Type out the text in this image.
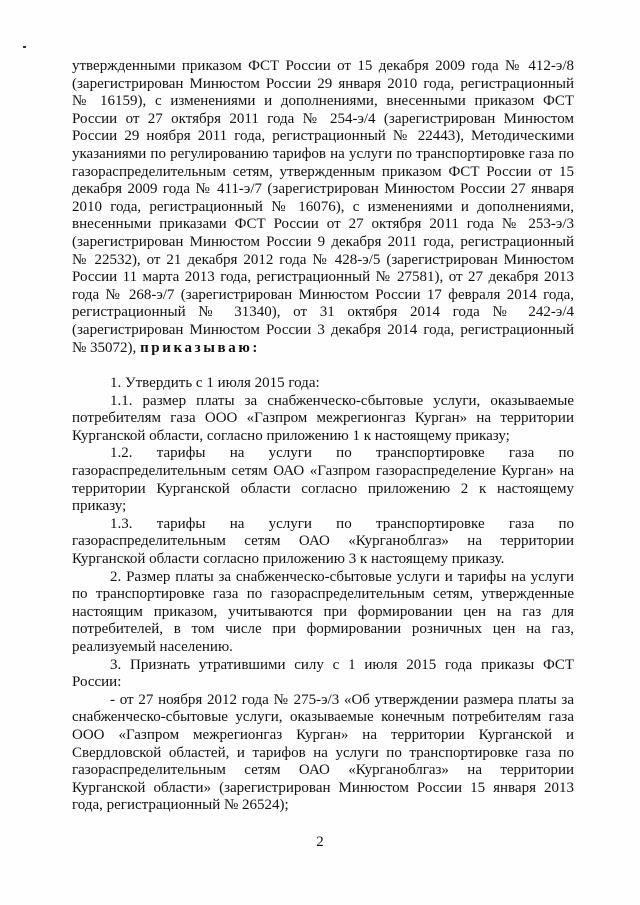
утвержденными приказом ФСТ России от 15 декабря 2009 года № 412-э/8 (зарегистрирован Минюстом России 29 января 2010 года, регистрационный № 16159), с изменениями и дополнениями, внесенными приказом ФСТ России от 27 октября 2011 года № 254-э/4 (зарегистрирован Минюстом России 29 ноября 2011 года, регистрационный № 22443), Методическими указаниями по регулированию тарифов на услуги по транспортировке газа по газораспределительным сетям, утвержденным приказом ФСТ России от 15 декабря 2009 года № 411-э/7 (зарегистрирован Минюстом России 27 января 2010 года, регистрационный № 16076), с изменениями и дополнениями, внесенными приказами ФСТ России от 27 октября 2011 года № 253-э/3 (зарегистрирован Минюстом России 9 декабря 2011 года, регистрационный № 22532), от 21 декабря 2012 года № 428-э/5 (зарегистрирован Минюстом России 11 марта 2013 года, регистрационный № 27581), от 27 декабря 2013 года № 268-э/7 (зарегистрирован Минюстом России 17 февраля 2014 года, регистрационный № 31340), от 31 октября 2014 года № 242-э/4 (зарегистрирован Минюстом России 3 декабря 2014 года, регистрационный № 35072), приказываю:

1. Утвердить с 1 июля 2015 года:

1.1. размер платы за снабженческо-сбытовые услуги, оказываемые потребителям газа ООО «Газпром межрегионгаз Курган» на территории Курганской области, согласно приложению 1 к настоящему приказу;

1.2. тарифы на услуги по транспортировке газа по газораспределительным сетям ОАО «Газпром газораспределение Курган» на территории Курганской области согласно приложению 2 к настоящему приказу;

1.3. тарифы на услуги по транспортировке газа по газораспределительным сетям ОАО «Курганоблгаз» на территории Курганской области согласно приложению 3 к настоящему приказу.

2. Размер платы за снабженческо-сбытовые услуги и тарифы на услуги по транспортировке газа по газораспределительным сетям, утвержденные настоящим приказом, учитываются при формировании цен на газ для потребителей, в том числе при формировании розничных цен на газ, реализуемый населению.

3. Признать утратившими силу с 1 июля 2015 года приказы ФСТ России:

- от 27 ноября 2012 года № 275-э/3 «Об утверждении размера платы за снабженческо-сбытовые услуги, оказываемые конечным потребителям газа ООО «Газпром межрегионгаз Курган» на территории Курганской и Свердловской областей, и тарифов на услуги по транспортировке газа по газораспределительным сетям ОАО «Курганоблгаз» на территории Курганской области» (зарегистрирован Минюстом России 15 января 2013 года, регистрационный № 26524);

2
